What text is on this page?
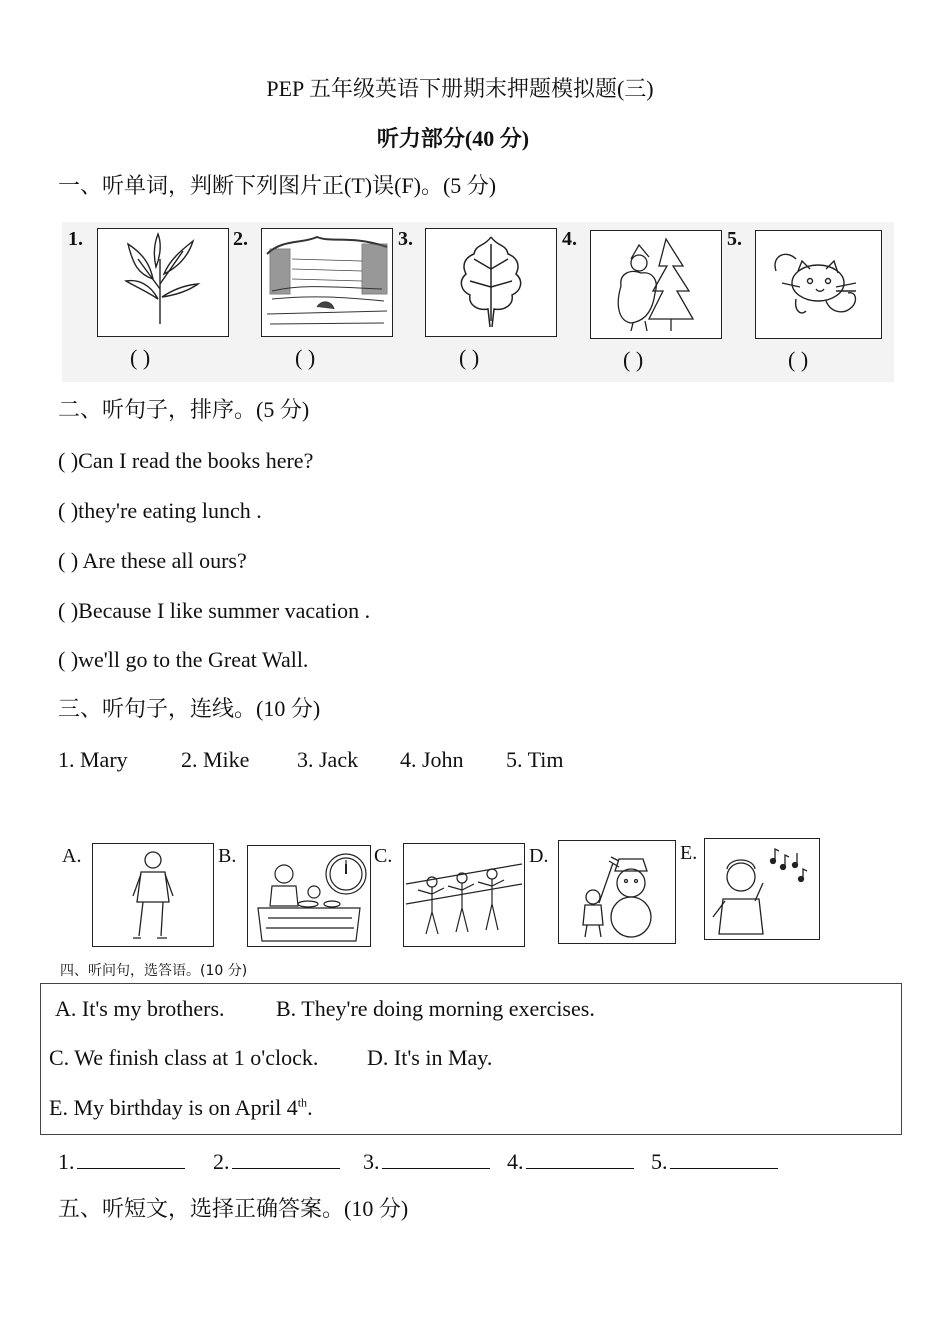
PEP 五年级英语下册期末押题模拟题(三)
听力部分(40 分)
一、听单词，判断下列图片正(T)误(F)。(5 分)
1.
( )
2.
( )
3.
( )
4.
( )
5.
( )
二、听句子，排序。(5 分)
( )Can I read the books here?
( )they're eating lunch .
( ) Are these all ours?
( )Because I like summer vacation .
( )we'll go to the Great Wall.
三、听句子，连线。(10 分)
1. Mary 2. Mike 3. Jack 4. John 5. Tim
A.	B.	C.	D.	E.
四、听问句，选答语。(10 分)
A. It's my brothers. B. They're doing morning exercises.
C. We finish class at 1 o'clock. D. It's in May.
E. My birthday is on April 4th.
1.	2.	3.	4.	5.
五、听短文，选择正确答案。(10 分)
